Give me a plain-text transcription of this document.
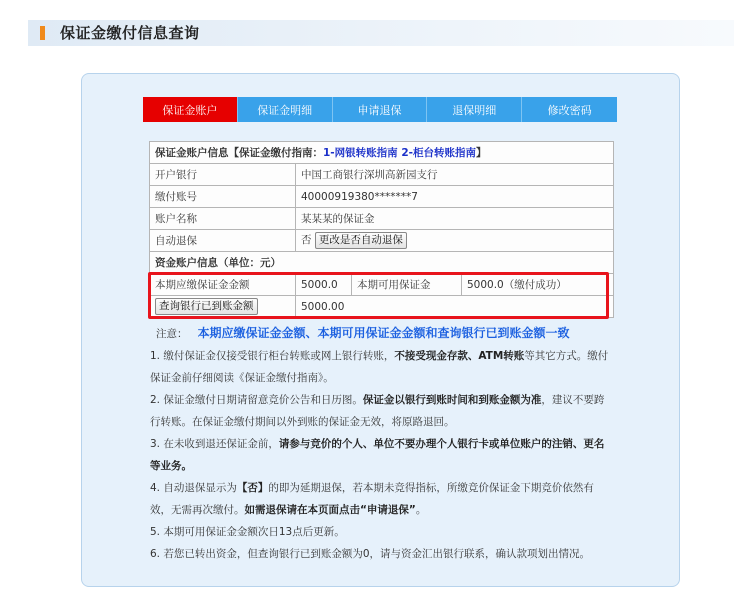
保证金缴付信息查询
保证金账户	保证金明细	申请退保	退保明细	修改密码
保证金账户信息【保证金缴付指南：1-网银转账指南 2-柜台转账指南】			
开户银行	中国工商银行深圳高新园支行		
缴付账号	40000919380*******7		
账户名称	某某某的保证金		
自动退保	否 更改是否自动退保		
资金账户信息（单位：元）			
本期应缴保证金金额	5000.0	本期可用保证金	5000.0（缴付成功）
查询银行已到账金额	5000.00		
注意： 本期应缴保证金金额、本期可用保证金金额和查询银行已到账金额一致

1. 缴付保证金仅接受银行柜台转账或网上银行转账，不接受现金存款、ATM转账等其它方式。缴付保证金前仔细阅读《保证金缴付指南》。

2. 保证金缴付日期请留意竞价公告和日历图。保证金以银行到账时间和到账金额为准，建议不要跨行转账。在保证金缴付期间以外到账的保证金无效，将原路退回。

3. 在未收到退还保证金前，请参与竞价的个人、单位不要办理个人银行卡或单位账户的注销、更名等业务。

4. 自动退保显示为【否】的即为延期退保，若本期未竞得指标，所缴竞价保证金下期竞价依然有效，无需再次缴付。如需退保请在本页面点击“申请退保”。

5. 本期可用保证金金额次日13点后更新。

6. 若您已转出资金，但查询银行已到账金额为0，请与资金汇出银行联系，确认款项划出情况。
